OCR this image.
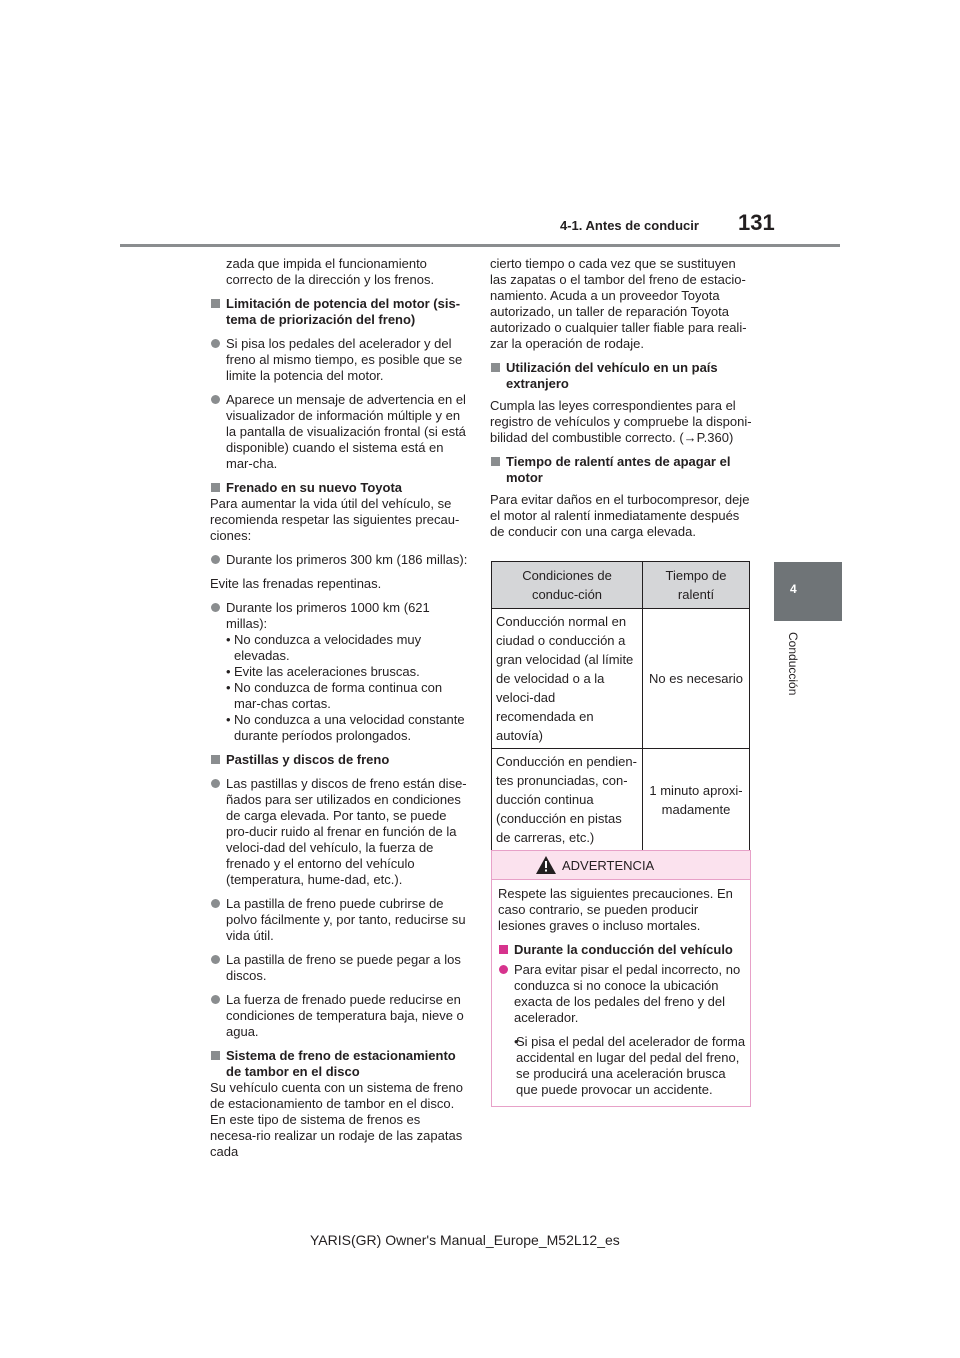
4-1. Antes de conducir 131
4
Conducción

zada que impida el funcionamiento correcto de la dirección y los frenos.

Limitación de potencia del motor (sis-tema de priorización del freno)

Si pisa los pedales del acelerador y del freno al mismo tiempo, es posible que se limite la potencia del motor.

Aparece un mensaje de advertencia en el visualizador de información múltiple y en la pantalla de visualización frontal (si está disponible) cuando el sistema está en mar-cha.

Frenado en su nuevo Toyota

Para aumentar la vida útil del vehículo, se recomienda respetar las siguientes precau-ciones:

Durante los primeros 300 km (186 millas):

Evite las frenadas repentinas.

Durante los primeros 1000 km (621 millas):

• No conduzca a velocidades muy elevadas.
• Evite las aceleraciones bruscas.
• No conduzca de forma continua con mar-chas cortas.
• No conduzca a una velocidad constante durante períodos prolongados.

Pastillas y discos de freno

Las pastillas y discos de freno están dise-ñados para ser utilizados en condiciones de carga elevada. Por tanto, se puede pro-ducir ruido al frenar en función de la veloci-dad del vehículo, la fuerza de frenado y el entorno del vehículo (temperatura, hume-dad, etc.).

La pastilla de freno puede cubrirse de polvo fácilmente y, por tanto, reducirse su vida útil.

La pastilla de freno se puede pegar a los discos.

La fuerza de frenado puede reducirse en condiciones de temperatura baja, nieve o agua.

Sistema de freno de estacionamiento de tambor en el disco

Su vehículo cuenta con un sistema de freno de estacionamiento de tambor en el disco. En este tipo de sistema de frenos es necesa-rio realizar un rodaje de las zapatas cada

cierto tiempo o cada vez que se sustituyen las zapatas o el tambor del freno de estacio-namiento. Acuda a un proveedor Toyota autorizado, un taller de reparación Toyota autorizado o cualquier taller fiable para reali-zar la operación de rodaje.

Utilización del vehículo en un país extranjero

Cumpla las leyes correspondientes para el registro de vehículos y compruebe la disponi-bilidad del combustible correcto. (→P.360)

Tiempo de ralentí antes de apagar el motor

Para evitar daños en el turbocompresor, deje el motor al ralentí inmediatamente después de conducir con una carga elevada.

Condiciones de conduc-ción	Tiempo de ralentí
Conducción normal en ciudad o conducción a gran velocidad (al límite de velocidad o a la veloci-dad recomendada en autovía)	No es necesario
Conducción en pendien-tes pronunciadas, con-ducción continua (conducción en pistas de carreras, etc.)	1 minuto aproxi-madamente
ADVERTENCIA

Respete las siguientes precauciones. En caso contrario, se pueden producir lesiones graves o incluso mortales.

Durante la conducción del vehículo

Para evitar pisar el pedal incorrecto, no conduzca si no conoce la ubicación exacta de los pedales del freno y del acelerador.

• Si pisa el pedal del acelerador de forma accidental en lugar del pedal del freno, se producirá una aceleración brusca que puede provocar un accidente.
YARIS(GR) Owner's Manual_Europe_M52L12_es
